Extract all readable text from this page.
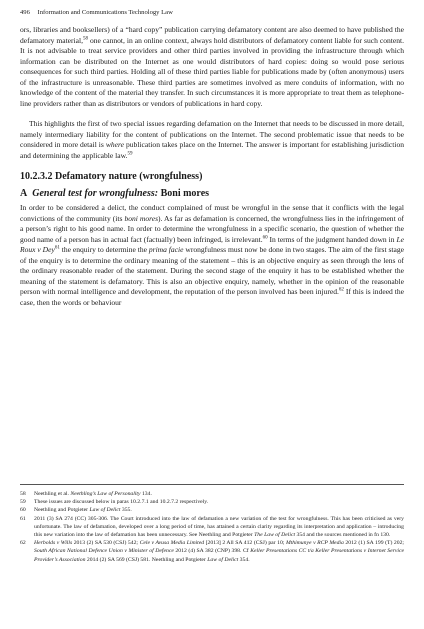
496 Information and Communications Technology Law

ors, libraries and booksellers) of a “hard copy” publication carrying defamatory content are also deemed to have published the defamatory material,$^{58}$ one cannot, in an online context, always hold distributors of defamatory content liable for such content. It is not advisable to treat service providers and other third parties involved in providing the infrastructure through which information can be distributed on the Internet as one would distributors of hard copies: doing so would pose serious consequences for such third parties. Holding all of these third parties liable for publications made by (often anonymous) users of the infrastructure is unreasonable. These third parties are sometimes involved as mere conduits of information, with no knowledge of the content of the material they transfer. In such circumstances it is more appropriate to treat them as telephone-line providers rather than as distributors or vendors of publications in hard copy.

This highlights the first of two special issues regarding defamation on the Internet that needs to be discussed in more detail, namely intermediary liability for the content of publications on the Internet. The second problematic issue that needs to be considered in more detail is where publication takes place on the Internet. The answer is important for establishing jurisdiction and determining the applicable law.$^{59}$

10.2.3.2 Defamatory nature (wrongfulness)
A General test for wrongfulness: Boni mores

In order to be considered a delict, the conduct complained of must be wrongful in the sense that it conflicts with the legal convictions of the community (its boni mores). As far as defamation is concerned, the wrongfulness lies in the infringement of a person’s right to his good name. In order to determine the wrongfulness in a specific scenario, the question of whether the good name of a person has in actual fact (factually) been infringed, is irrelevant.$^{60}$ In terms of the judgment handed down in Le Roux v Dey$^{61}$ the enquiry to determine the prima facie wrongfulness must now be done in two stages. The aim of the first stage of the enquiry is to determine the ordinary meaning of the statement – this is an objective enquiry as seen through the lens of the ordinary reasonable reader of the statement. During the second stage of the enquiry it has to be established whether the meaning of the statement is defamatory. This is also an objective enquiry, namely, whether in the opinion of the reasonable person with normal intelligence and development, the reputation of the person involved has been injured.$^{62}$ If this is indeed the case, then the words or behaviour

58	Neethling et al. Neethling’s Law of Personality 134.
59	These issues are discussed below in paras 10.2.7.1 and 10.2.7.2 respectively.
60	Neethling and Potgieter Law of Delict 355.
61	2011 (3) SA 274 (CC) 305-306. The Court introduced into the law of defamation a new variation of the test for wrongfulness. This has been criticised as very unfortunate. The law of defamation, developed over a long period of time, has attained a certain clarity regarding its interpretation and application – introducing this new variation into the law of defamation has been unnecessary. See Neethling and Potgieter The Law of Delict 354 and the sources mentioned in fn 130.
62	Herbolds v Wills 2013 (2) SA 530 (CSJ) 542; Cele v Avusa Media Limited [2013] 2 All SA 412 (CSJ) par 10; Mthimunye v RCP Media 2012 (1) SA 199 (T) 202; South African National Defence Union v Minister of Defence 2012 (4) SA 382 (CNP) 398. Cf Keller Presentations CC t/a Keller Presentations v Internet Service Provider’s Association 2014 (2) SA 569 (CSJ) 581. Neethling and Potgieter Law of Delict 354.
